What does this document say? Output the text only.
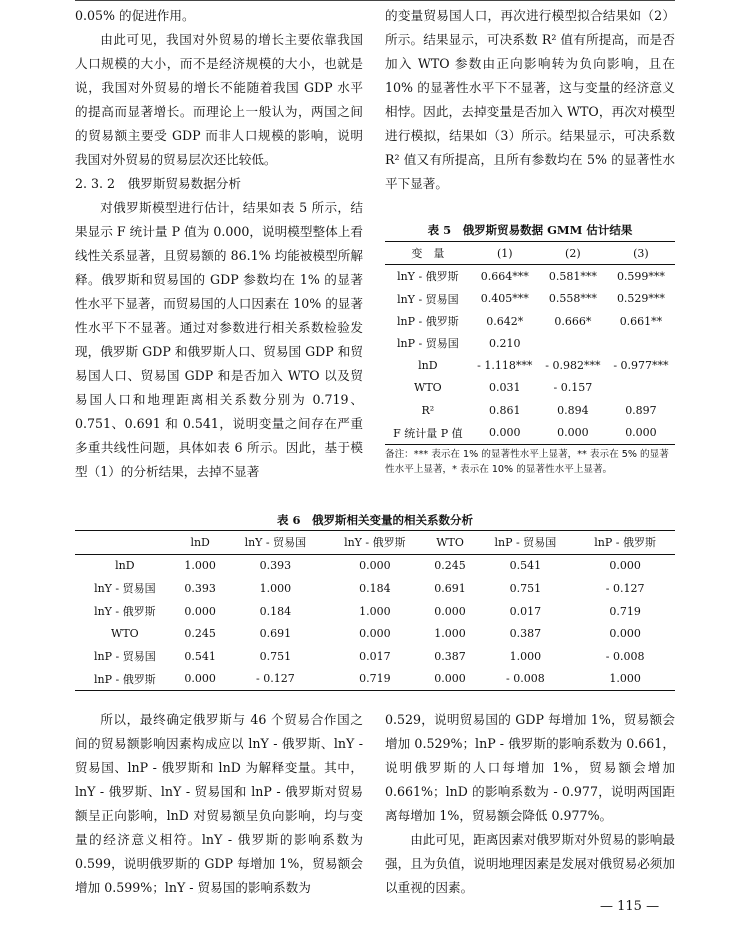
0.05% 的促进作用。

由此可见，我国对外贸易的增长主要依靠我国人口规模的大小，而不是经济规模的大小，也就是说，我国对外贸易的增长不能随着我国 GDP 水平的提高而显著增长。而理论上一般认为，两国之间的贸易额主要受 GDP 而非人口规模的影响，说明我国对外贸易的贸易层次还比较低。

2. 3. 2　俄罗斯贸易数据分析

对俄罗斯模型进行估计，结果如表 5 所示，结果显示 F 统计量 P 值为 0.000，说明模型整体上看线性关系显著，且贸易额的 86.1% 均能被模型所解释。俄罗斯和贸易国的 GDP 参数均在 1% 的显著性水平下显著，而贸易国的人口因素在 10% 的显著性水平下不显著。通过对参数进行相关系数检验发现，俄罗斯 GDP 和俄罗斯人口、贸易国 GDP 和贸易国人口、贸易国 GDP 和是否加入 WTO 以及贸易国人口和地理距离相关系数分别为 0.719、0.751、0.691 和 0.541，说明变量之间存在严重多重共线性问题，具体如表 6 所示。因此，基于模型（1）的分析结果，去掉不显著

的变量贸易国人口，再次进行模型拟合结果如（2）所示。结果显示，可决系数 R² 值有所提高，而是否加入 WTO 参数由正向影响转为负向影响，且在 10% 的显著性水平下不显著，这与变量的经济意义相悖。因此，去掉变量是否加入 WTO，再次对模型进行模拟，结果如（3）所示。结果显示，可决系数 R² 值又有所提高，且所有参数均在 5% 的显著性水平下显著。

表 5　俄罗斯贸易数据 GMM 估计结果
变　量	(1)	(2)	(3)
lnY - 俄罗斯	0.664***	0.581***	0.599***
lnY - 贸易国	0.405***	0.558***	0.529***
lnP - 俄罗斯	0.642*	0.666*	0.661**
lnP - 贸易国	0.210		
lnD	- 1.118***	- 0.982***	- 0.977***
WTO	0.031	- 0.157	
R²	0.861	0.894	0.897
F 统计量 P 值	0.000	0.000	0.000
备注：*** 表示在 1% 的显著性水平上显著，** 表示在 5% 的显著性水平上显著，* 表示在 10% 的显著性水平上显著。
表 6　俄罗斯相关变量的相关系数分析
	lnD	lnY - 贸易国	lnY - 俄罗斯	WTO	lnP - 贸易国	lnP - 俄罗斯
lnD	1.000	0.393	0.000	0.245	0.541	0.000
lnY - 贸易国	0.393	1.000	0.184	0.691	0.751	- 0.127
lnY - 俄罗斯	0.000	0.184	1.000	0.000	0.017	0.719
WTO	0.245	0.691	0.000	1.000	0.387	0.000
lnP - 贸易国	0.541	0.751	0.017	0.387	1.000	- 0.008
lnP - 俄罗斯	0.000	- 0.127	0.719	0.000	- 0.008	1.000

所以，最终确定俄罗斯与 46 个贸易合作国之间的贸易额影响因素构成应以 lnY - 俄罗斯、lnY - 贸易国、lnP - 俄罗斯和 lnD 为解释变量。其中，lnY - 俄罗斯、lnY - 贸易国和 lnP - 俄罗斯对贸易额呈正向影响，lnD 对贸易额呈负向影响，均与变量的经济意义相符。lnY - 俄罗斯的影响系数为 0.599，说明俄罗斯的 GDP 每增加 1%，贸易额会增加 0.599%；lnY - 贸易国的影响系数为

0.529，说明贸易国的 GDP 每增加 1%，贸易额会增加 0.529%；lnP - 俄罗斯的影响系数为 0.661，说明俄罗斯的人口每增加 1%，贸易额会增加 0.661%；lnD 的影响系数为 - 0.977，说明两国距离每增加 1%，贸易额会降低 0.977%。

由此可见，距离因素对俄罗斯对外贸易的影响最强，且为负值，说明地理因素是发展对俄贸易必须加以重视的因素。

— 115 —
